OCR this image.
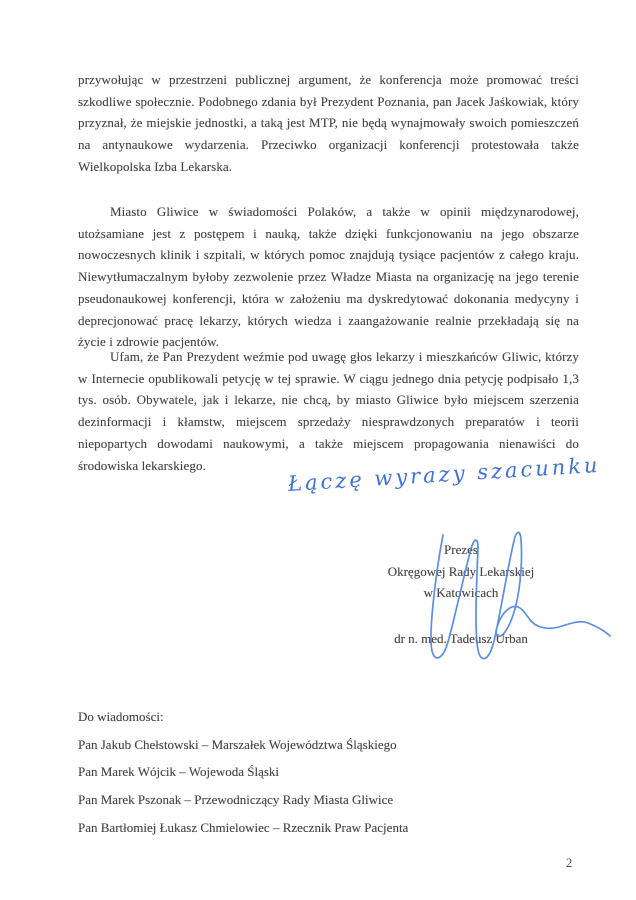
przywołując w przestrzeni publicznej argument, że konferencja może promować treści szkodliwe społecznie. Podobnego zdania był Prezydent Poznania, pan Jacek Jaśkowiak, który przyznał, że miejskie jednostki, a taką jest MTP, nie będą wynajmowały swoich pomieszczeń na antynaukowe wydarzenia. Przeciwko organizacji konferencji protestowała także Wielkopolska Izba Lekarska.

Miasto Gliwice w świadomości Polaków, a także w opinii międzynarodowej, utożsamiane jest z postępem i nauką, także dzięki funkcjonowaniu na jego obszarze nowoczesnych klinik i szpitali, w których pomoc znajdują tysiące pacjentów z całego kraju. Niewytłumaczalnym byłoby zezwolenie przez Władze Miasta na organizację na jego terenie pseudonaukowej konferencji, która w założeniu ma dyskredytować dokonania medycyny i deprecjonować pracę lekarzy, których wiedza i zaangażowanie realnie przekładają się na życie i zdrowie pacjentów.

Ufam, że Pan Prezydent weźmie pod uwagę głos lekarzy i mieszkańców Gliwic, którzy w Internecie opublikowali petycję w tej sprawie. W ciągu jednego dnia petycję podpisało 1,3 tys. osób. Obywatele, jak i lekarze, nie chcą, by miasto Gliwice było miejscem szerzenia dezinformacji i kłamstw, miejscem sprzedaży niesprawdzonych preparatów i teorii niepopartych dowodami naukowymi, a także miejscem propagowania nienawiści do środowiska lekarskiego.	Łączę wyrazy szacunku
Prezes
Okręgowej Rady Lekarskiej
w Katowicach
dr n. med. Tadeusz Urban
Do wiadomości:
Pan Jakub Chełstowski – Marszałek Województwa Śląskiego
Pan Marek Wójcik – Wojewoda Śląski
Pan Marek Pszonak – Przewodniczący Rady Miasta Gliwice
Pan Bartłomiej Łukasz Chmielowiec – Rzecznik Praw Pacjenta
2
